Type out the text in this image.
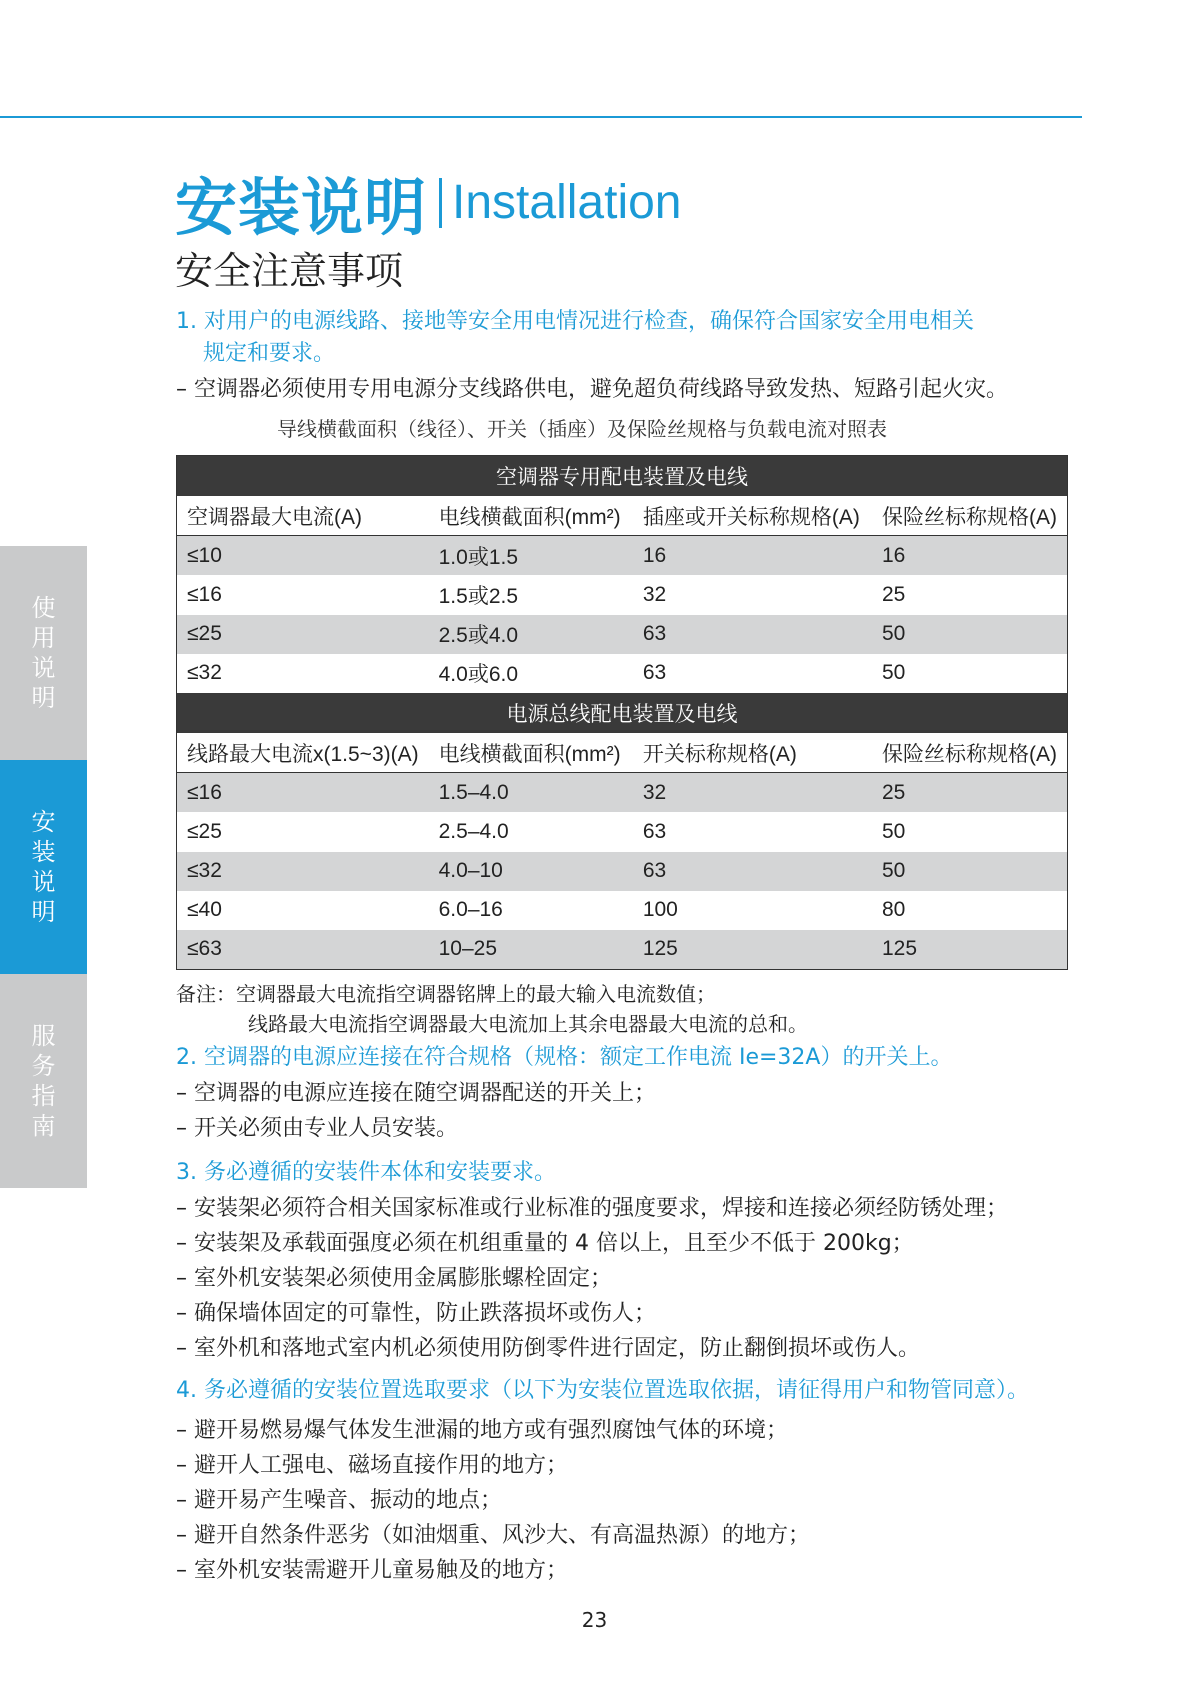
使
用
说
明
安
装
说
明
服
务
指
南
安装说明 Installation
安全注意事项
1. 对用户的电源线路、接地等安全用电情况进行检查，确保符合国家安全用电相关
规定和要求。
– 空调器必须使用专用电源分支线路供电，避免超负荷线路导致发热、短路引起火灾。
导线横截面积（线径）、开关（插座）及保险丝规格与负载电流对照表
空调器专用配电装置及电线			
空调器最大电流(A)	电线横截面积(mm²)	插座或开关标称规格(A)	保险丝标称规格(A)
≤10	1.0或1.5	16	16
≤16	1.5或2.5	32	25
≤25	2.5或4.0	63	50
≤32	4.0或6.0	63	50
电源总线配电装置及电线			
线路最大电流x(1.5~3)(A)	电线横截面积(mm²)	开关标称规格(A)	保险丝标称规格(A)
≤16	1.5–4.0	32	25
≤25	2.5–4.0	63	50
≤32	4.0–10	63	50
≤40	6.0–16	100	80
≤63	10–25	125	125
备注：空调器最大电流指空调器铭牌上的最大输入电流数值；
线路最大电流指空调器最大电流加上其余电器最大电流的总和。
2. 空调器的电源应连接在符合规格（规格：额定工作电流 Ie=32A）的开关上。
– 空调器的电源应连接在随空调器配送的开关上；
– 开关必须由专业人员安装。
3. 务必遵循的安装件本体和安装要求。
– 安装架必须符合相关国家标准或行业标准的强度要求，焊接和连接必须经防锈处理；
– 安装架及承载面强度必须在机组重量的 4 倍以上，且至少不低于 200kg；
– 室外机安装架必须使用金属膨胀螺栓固定；
– 确保墙体固定的可靠性，防止跌落损坏或伤人；
– 室外机和落地式室内机必须使用防倒零件进行固定，防止翻倒损坏或伤人。
4. 务必遵循的安装位置选取要求（以下为安装位置选取依据，请征得用户和物管同意）。
– 避开易燃易爆气体发生泄漏的地方或有强烈腐蚀气体的环境；
– 避开人工强电、磁场直接作用的地方；
– 避开易产生噪音、振动的地点；
– 避开自然条件恶劣（如油烟重、风沙大、有高温热源）的地方；
– 室外机安装需避开儿童易触及的地方；
23
